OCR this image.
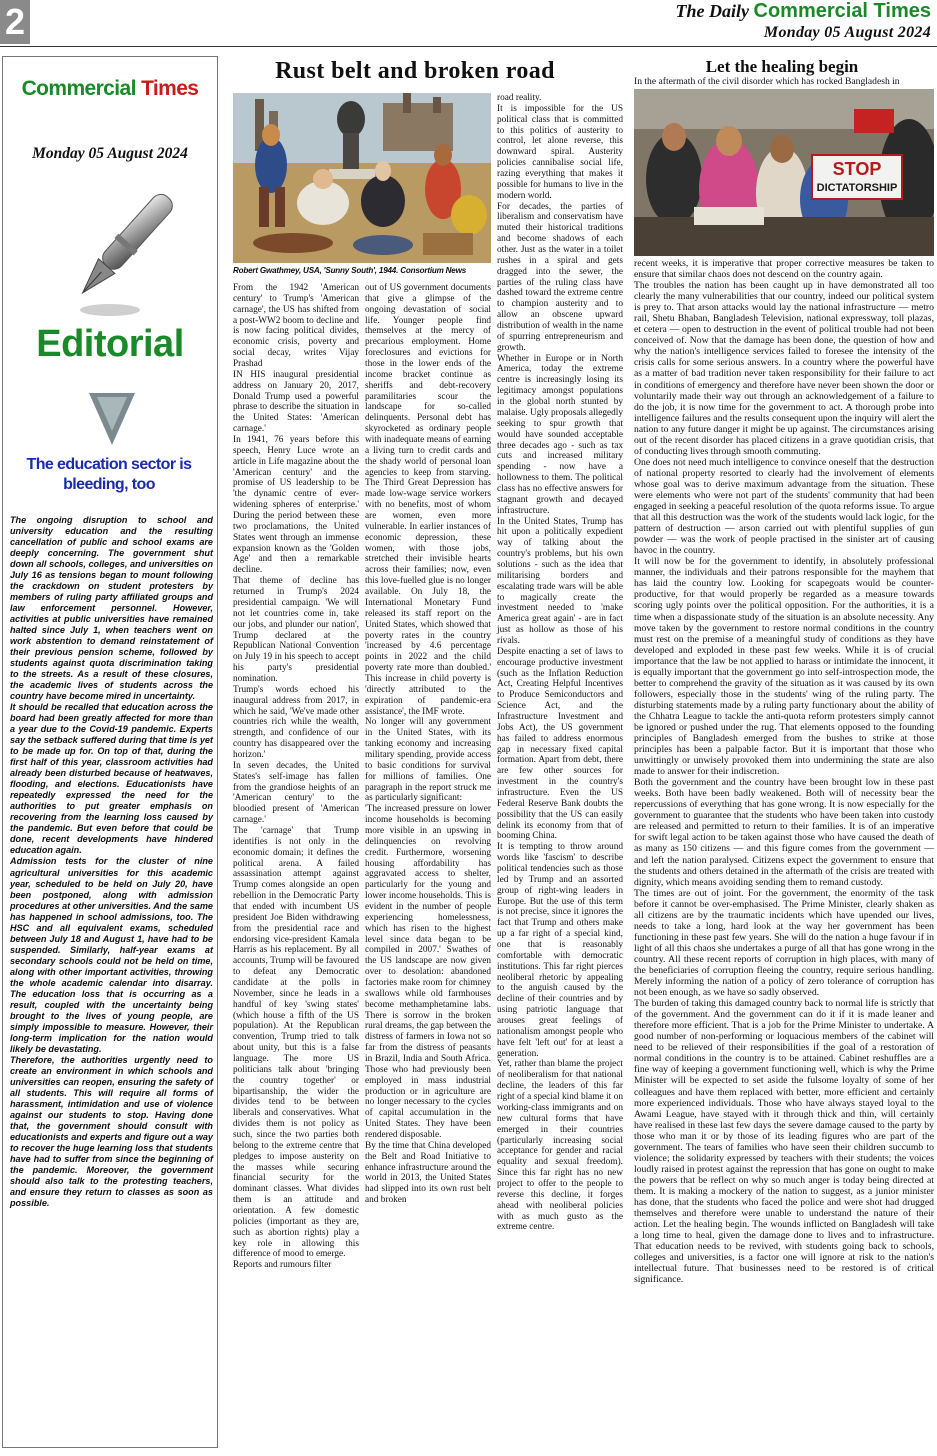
2	The Daily Commercial Times
Monday 05 August 2024
Commercial Times
Monday 05 August 2024
Editorial
The education sector is bleeding, too

The ongoing disruption to school and university education and the resulting cancellation of public and school exams are deeply concerning. The government shut down all schools, colleges, and universities on July 16 as tensions began to mount following the crackdown on student protesters by members of ruling party affiliated groups and law enforcement personnel. However, activities at public universities have remained halted since July 1, when teachers went on work abstention to demand reinstatement of their previous pension scheme, followed by students against quota discrimination taking to the streets. As a result of these closures, the academic lives of students across the country have become mired in uncertainty.

It should be recalled that education across the board had been greatly affected for more than a year due to the Covid-19 pandemic. Experts say the setback suffered during that time is yet to be made up for. On top of that, during the first half of this year, classroom activities had already been disturbed because of heatwaves, flooding, and elections. Educationists have repeatedly expressed the need for the authorities to put greater emphasis on recovering from the learning loss caused by the pandemic. But even before that could be done, recent developments have hindered education again.

Admission tests for the cluster of nine agricultural universities for this academic year, scheduled to be held on July 20, have been postponed, along with admission procedures at other universities. And the same has happened in school admissions, too. The HSC and all equivalent exams, scheduled between July 18 and August 1, have had to be suspended. Similarly, half-year exams at secondary schools could not be held on time, along with other important activities, throwing the whole academic calendar into disarray. The education loss that is occurring as a result, coupled with the uncertainty being brought to the lives of young people, are simply impossible to measure. However, their long-term implication for the nation would likely be devastating.

Therefore, the authorities urgently need to create an environment in which schools and universities can reopen, ensuring the safety of all students. This will require all forms of harassment, intimidation and use of violence against our students to stop. Having done that, the government should consult with educationists and experts and figure out a way to recover the huge learning loss that students have had to suffer from since the beginning of the pandemic. Moreover, the government should also talk to the protesting teachers, and ensure they return to classes as soon as possible.

Rust belt and broken road
Robert Gwathmey, USA, 'Sunny South', 1944. Consortium News

From the 1942 'American century' to Trump's 'American carnage', the US has shifted from a post-WW2 boom to decline and is now facing political divides, economic crisis, poverty and social decay, writes Vijay Prashad

IN HIS inaugural presidential address on January 20, 2017, Donald Trump used a powerful phrase to describe the situation in the United States: 'American carnage.'

In 1941, 76 years before this speech, Henry Luce wrote an article in Life magazine about the 'American century' and the promise of US leadership to be 'the dynamic centre of ever-widening spheres of enterprise.' During the period between these two proclamations, the United States went through an immense expansion known as the 'Golden Age' and then a remarkable decline.

That theme of decline has returned in Trump's 2024 presidential campaign. 'We will not let countries come in, take our jobs, and plunder our nation', Trump declared at the Republican National Convention on July 19 in his speech to accept his party's presidential nomination.

Trump's words echoed his inaugural address from 2017, in which he said, 'We've made other countries rich while the wealth, strength, and confidence of our country has disappeared over the horizon.'

In seven decades, the United States's self-image has fallen from the grandiose heights of an 'American century' to the bloodied present of 'American carnage.'

The 'carnage' that Trump identifies is not only in the economic domain; it defines the political arena. A failed assassination attempt against Trump comes alongside an open rebellion in the Democratic Party that ended with incumbent US president Joe Biden withdrawing from the presidential race and endorsing vice-president Kamala Harris as his replacement. By all accounts, Trump will be favoured to defeat any Democratic candidate at the polls in November, since he leads in a handful of key 'swing states' (which house a fifth of the US population). At the Republican convention, Trump tried to talk about unity, but this is a false language. The more US politicians talk about 'bringing the country together' or bipartisanship, the wider the divides tend to be between liberals and conservatives. What divides them is not policy as such, since the two parties both belong to the extreme centre that pledges to impose austerity on the masses while securing financial security for the dominant classes. What divides them is an attitude and orientation. A few domestic policies (important as they are, such as abortion rights) play a key role in allowing this difference of mood to emerge.

Reports and rumours filter

out of US government documents that give a glimpse of the ongoing devastation of social life. Younger people find themselves at the mercy of precarious employment. Home foreclosures and evictions for those in the lower ends of the income bracket continue as sheriffs and debt-recovery paramilitaries scour the landscape for so-called delinquents. Personal debt has skyrocketed as ordinary people with inadequate means of earning a living turn to credit cards and the shady world of personal loan agencies to keep from starving. The Third Great Depression has made low-wage service workers with no benefits, most of whom are women, even more vulnerable. In earlier instances of economic depression, these women, with those jobs, stretched their invisible hearts across their families; now, even this love-fuelled glue is no longer available. On July 18, the International Monetary Fund released its staff report on the United States, which showed that poverty rates in the country 'increased by 4.6 percentage points in 2022 and the child poverty rate more than doubled.' This increase in child poverty is 'directly attributed to the expiration of pandemic-era assistance', the IMF wrote.

No longer will any government in the United States, with its tanking economy and increasing military spending, provide access to basic conditions for survival for millions of families. One paragraph in the report struck me as particularly significant:

'The increased pressure on lower income households is becoming more visible in an upswing in delinquencies on revolving credit. Furthermore, worsening housing affordability has aggravated access to shelter, particularly for the young and lower income households. This is evident in the number of people experiencing homelessness, which has risen to the highest level since data began to be compiled in 2007.' Swathes of the US landscape are now given over to desolation: abandoned factories make room for chimney swallows while old farmhouses become methamphetamine labs. There is sorrow in the broken rural dreams, the gap between the distress of farmers in Iowa not so far from the distress of peasants in Brazil, India and South Africa. Those who had previously been employed in mass industrial production or in agriculture are no longer necessary to the cycles of capital accumulation in the United States. They have been rendered disposable.

By the time that China developed the Belt and Road Initiative to enhance infrastructure around the world in 2013, the United States had slipped into its own rust belt and broken

road reality.

It is impossible for the US political class that is committed to this politics of austerity to control, let alone reverse, this downward spiral. Austerity policies cannibalise social life, razing everything that makes it possible for humans to live in the modern world.

For decades, the parties of liberalism and conservatism have muted their historical traditions and become shadows of each other. Just as the water in a toilet rushes in a spiral and gets dragged into the sewer, the parties of the ruling class have dashed toward the extreme centre to champion austerity and to allow an obscene upward distribution of wealth in the name of spurring entrepreneurism and growth.

Whether in Europe or in North America, today the extreme centre is increasingly losing its legitimacy amongst populations in the global north stunted by malaise. Ugly proposals allegedly seeking to spur growth that would have sounded acceptable three decades ago - such as tax cuts and increased military spending - now have a hollowness to them. The political class has no effective answers for stagnant growth and decayed infrastructure.

In the United States, Trump has hit upon a politically expedient way of talking about the country's problems, but his own solutions - such as the idea that militarising borders and escalating trade wars will be able to magically create the investment needed to 'make America great again' - are in fact just as hollow as those of his rivals.

Despite enacting a set of laws to encourage productive investment (such as the Inflation Reduction Act, Creating Helpful Incentives to Produce Semiconductors and Science Act, and the Infrastructure Investment and Jobs Act), the US government has failed to address enormous gap in necessary fixed capital formation. Apart from debt, there are few other sources for investment in the country's infrastructure. Even the US Federal Reserve Bank doubts the possibility that the US can easily delink its economy from that of booming China.

It is tempting to throw around words like 'fascism' to describe political tendencies such as those led by Trump and an assorted group of right-wing leaders in Europe. But the use of this term is not precise, since it ignores the fact that Trump and others make up a far right of a special kind, one that is reasonably comfortable with democratic institutions. This far right pierces neoliberal rhetoric by appealing to the anguish caused by the decline of their countries and by using patriotic language that arouses great feelings of nationalism amongst people who have felt 'left out' for at least a generation.

Yet, rather than blame the project of neoliberalism for that national decline, the leaders of this far right of a special kind blame it on working-class immigrants and on new cultural forms that have emerged in their countries (particularly increasing social acceptance for gender and racial equality and sexual freedom). Since this far right has no new project to offer to the people to reverse this decline, it forges ahead with neoliberal policies with as much gusto as the extreme centre.

Let the healing begin
In the aftermath of the civil disorder which has rocked Bangladesh in
STOP
DICTATORSHIP

recent weeks, it is imperative that proper corrective measures be taken to ensure that similar chaos does not descend on the country again.

The troubles the nation has been caught up in have demonstrated all too clearly the many vulnerabilities that our country, indeed our political system is prey to. That arson attacks would lay the national infrastructure — metro rail, Shetu Bhaban, Bangladesh Television, national expressway, toll plazas, et cetera — open to destruction in the event of political trouble had not been conceived of. Now that the damage has been done, the question of how and why the nation's intelligence services failed to foresee the intensity of the crisis calls for some serious answers. In a country where the powerful have as a matter of bad tradition never taken responsibility for their failure to act in conditions of emergency and therefore have never been shown the door or voluntarily made their way out through an acknowledgement of a failure to do the job, it is now time for the government to act. A thorough probe into intelligence failures and the results consequent upon the inquiry will alert the nation to any future danger it might be up against. The circumstances arising out of the recent disorder has placed citizens in a grave quotidian crisis, that of conducting lives through smooth commuting.

One does not need much intelligence to convince oneself that the destruction of national property resorted to clearly had the involvement of elements whose goal was to derive maximum advantage from the situation. These were elements who were not part of the students' community that had been engaged in seeking a peaceful resolution of the quota reforms issue. To argue that all this destruction was the work of the students would lack logic, for the pattern of destruction — arson carried out with plentiful supplies of gun powder — was the work of people practised in the sinister art of causing havoc in the country.

It will now be for the government to identify, in absolutely professional manner, the individuals and their patrons responsible for the mayhem that has laid the country low. Looking for scapegoats would be counter-productive, for that would properly be regarded as a measure towards scoring ugly points over the political opposition. For the authorities, it is a time when a dispassionate study of the situation is an absolute necessity. Any move taken by the government to restore normal conditions in the country must rest on the premise of a meaningful study of conditions as they have developed and exploded in these past few weeks. While it is of crucial importance that the law be not applied to harass or intimidate the innocent, it is equally important that the government go into self-introspection mode, the better to comprehend the gravity of the situation as it was caused by its own followers, especially those in the students' wing of the ruling party. The disturbing statements made by a ruling party functionary about the ability of the Chhatra League to tackle the anti-quota reform protesters simply cannot be ignored or pushed under the rug. That elements opposed to the founding principles of Bangladesh emerged from the bushes to strike at those principles has been a palpable factor. But it is important that those who unwittingly or unwisely provoked them into undermining the state are also made to answer for their indiscretion.

Both the government and the country have been brought low in these past weeks. Both have been badly weakened. Both will of necessity bear the repercussions of everything that has gone wrong. It is now especially for the government to guarantee that the students who have been taken into custody are released and permitted to return to their families. It is of an imperative for swift legal action to be taken against those who have caused the death of as many as 150 citizens — and this figure comes from the government — and left the nation paralysed. Citizens expect the government to ensure that the students and others detained in the aftermath of the crisis are treated with dignity, which means avoiding sending them to remand custody.

The times are out of joint. For the government, the enormity of the task before it cannot be over-emphasised. The Prime Minister, clearly shaken as all citizens are by the traumatic incidents which have upended our lives, needs to take a long, hard look at the way her government has been functioning in these past few years. She will do the nation a huge favour if in light of all this chaos she undertakes a purge of all that has gone wrong in the country. All these recent reports of corruption in high places, with many of the beneficiaries of corruption fleeing the country, require serious handling. Merely informing the nation of a policy of zero tolerance of corruption has not been enough, as we have so sadly observed.

The burden of taking this damaged country back to normal life is strictly that of the government. And the government can do it if it is made leaner and therefore more efficient. That is a job for the Prime Minister to undertake. A good number of non-performing or loquacious members of the cabinet will need to be relieved of their responsibilities if the goal of a restoration of normal conditions in the country is to be attained. Cabinet reshuffles are a fine way of keeping a government functioning well, which is why the Prime Minister will be expected to set aside the fulsome loyalty of some of her colleagues and have them replaced with better, more efficient and certainly more experienced individuals. Those who have always stayed loyal to the Awami League, have stayed with it through thick and thin, will certainly have realised in these last few days the severe damage caused to the party by those who man it or by those of its leading figures who are part of the government. The tears of families who have seen their children succumb to violence; the solidarity expressed by teachers with their students; the voices loudly raised in protest against the repression that has gone on ought to make the powers that be reflect on why so much anger is today being directed at them. It is making a mockery of the nation to suggest, as a junior minister has done, that the students who faced the police and were shot had drugged themselves and therefore were unable to understand the nature of their action. Let the healing begin. The wounds inflicted on Bangladesh will take a long time to heal, given the damage done to lives and to infrastructure. That education needs to be revived, with students going back to schools, colleges and universities, is a factor one will ignore at risk to the nation's intellectual future. That businesses need to be restored is of critical significance.
